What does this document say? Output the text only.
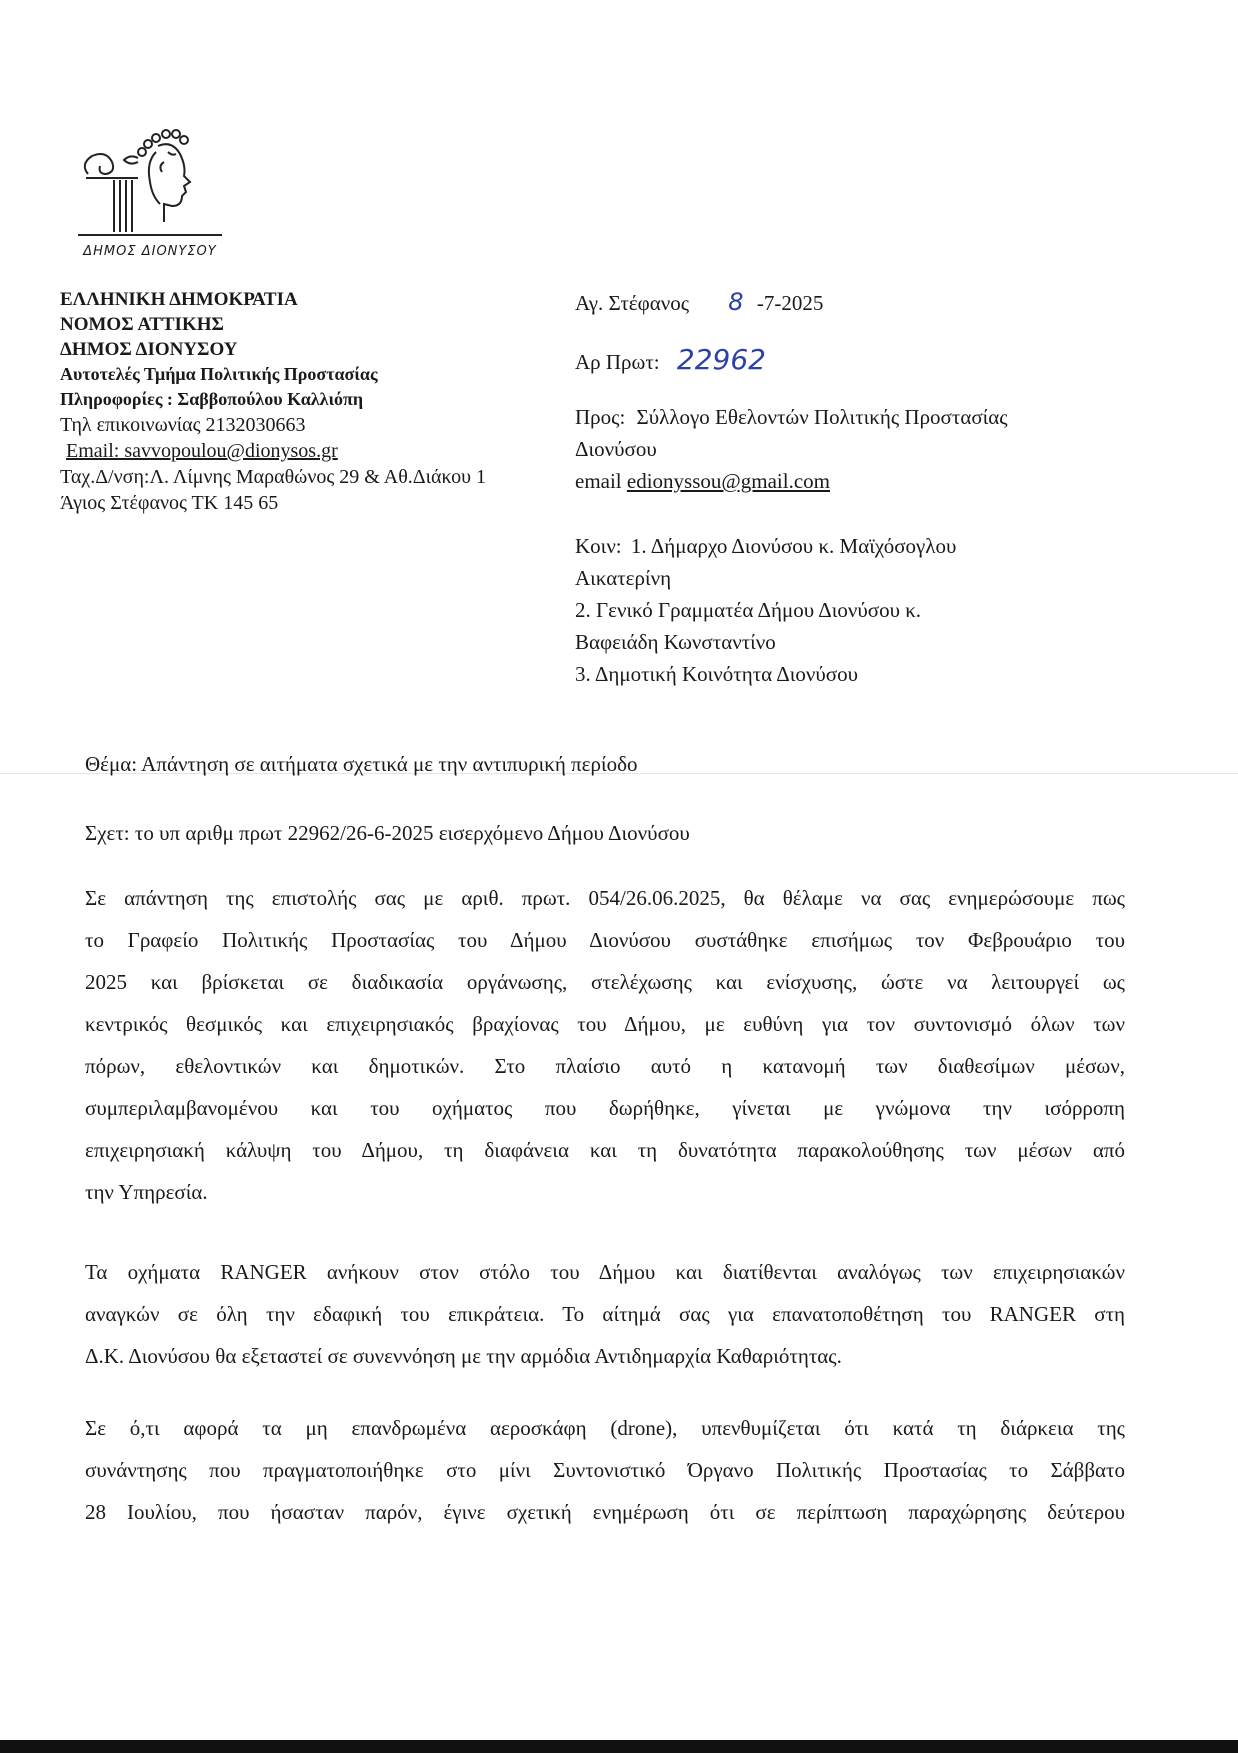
ΔΗΜΟΣ ΔΙΟΝΥΣΟΥ
ΕΛΛΗΝΙΚΗ ΔΗΜΟΚΡΑΤΙΑ
ΝΟΜΟΣ ΑΤΤΙΚΗΣ
ΔΗΜΟΣ ΔΙΟΝΥΣΟΥ
Αυτοτελές Τμήμα Πολιτικής Προστασίας
Πληροφορίες : Σαββοπούλου Καλλιόπη
Τηλ επικοινωνίας 2132030663
Email: savvopoulou@dionysos.gr
Ταχ.Δ/νση:Λ. Λίμνης Μαραθώνος 29 & Αθ.Διάκου 1
Άγιος Στέφανος ΤΚ 145 65
Αγ. Στέφανος 8 -7-2025
Αρ Πρωτ: 22962
Προς: Σύλλογο Εθελοντών Πολιτικής Προστασίας
Διονύσου
email edionyssou@gmail.com
Κοιν: 1. Δήμαρχο Διονύσου κ. Μαϊχόσογλου
Αικατερίνη
2. Γενικό Γραμματέα Δήμου Διονύσου κ.
Βαφειάδη Κωνσταντίνο
3. Δημοτική Κοινότητα Διονύσου
Θέμα: Απάντηση σε αιτήματα σχετικά με την αντιπυρική περίοδο
Σχετ: το υπ αριθμ πρωτ 22962/26-6-2025 εισερχόμενο Δήμου Διονύσου
Σε απάντηση της επιστολής σας με αριθ. πρωτ. 054/26.06.2025, θα θέλαμε να σας ενημερώσουμε πως
το Γραφείο Πολιτικής Προστασίας του Δήμου Διονύσου συστάθηκε επισήμως τον Φεβρουάριο του
2025 και βρίσκεται σε διαδικασία οργάνωσης, στελέχωσης και ενίσχυσης, ώστε να λειτουργεί ως
κεντρικός θεσμικός και επιχειρησιακός βραχίονας του Δήμου, με ευθύνη για τον συντονισμό όλων των
πόρων, εθελοντικών και δημοτικών. Στο πλαίσιο αυτό η κατανομή των διαθεσίμων μέσων,
συμπεριλαμβανομένου και του οχήματος που δωρήθηκε, γίνεται με γνώμονα την ισόρροπη
επιχειρησιακή κάλυψη του Δήμου, τη διαφάνεια και τη δυνατότητα παρακολούθησης των μέσων από
την Υπηρεσία.
Τα οχήματα RANGER ανήκουν στον στόλο του Δήμου και διατίθενται αναλόγως των επιχειρησιακών
αναγκών σε όλη την εδαφική του επικράτεια. Το αίτημά σας για επανατοποθέτηση του RANGER στη
Δ.Κ. Διονύσου θα εξεταστεί σε συνεννόηση με την αρμόδια Αντιδημαρχία Καθαριότητας.
Σε ό,τι αφορά τα μη επανδρωμένα αεροσκάφη (drone), υπενθυμίζεται ότι κατά τη διάρκεια της
συνάντησης που πραγματοποιήθηκε στο μίνι Συντονιστικό Όργανο Πολιτικής Προστασίας το Σάββατο
28 Ιουλίου, που ήσασταν παρόν, έγινε σχετική ενημέρωση ότι σε περίπτωση παραχώρησης δεύτερου
